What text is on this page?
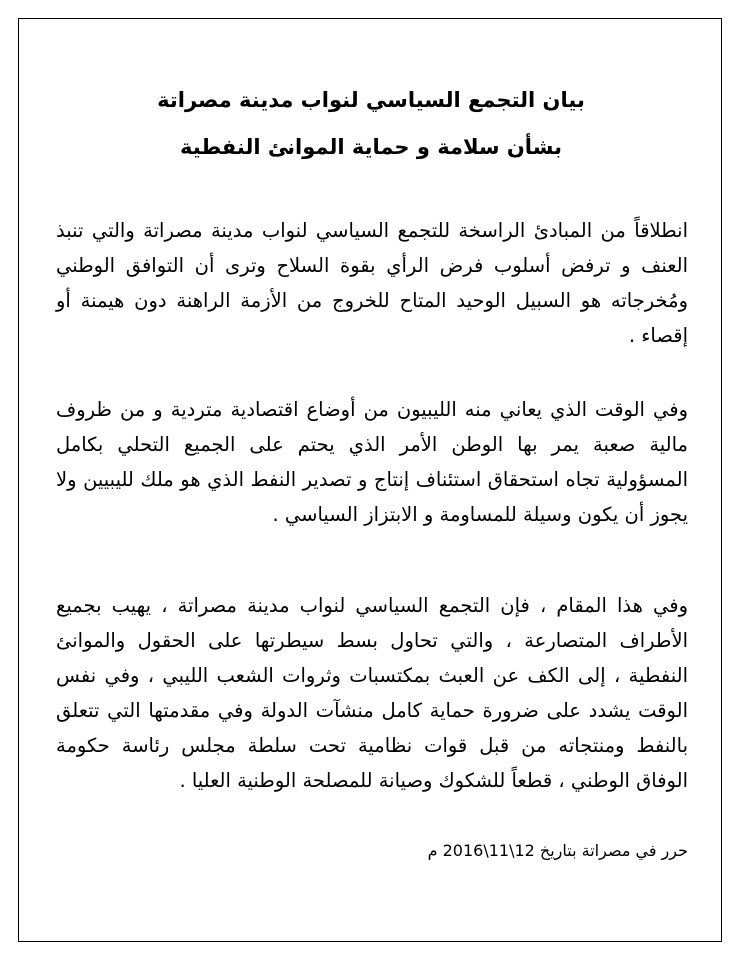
بيان التجمع السياسي لنواب مدينة مصراتة
بشأن سلامة و حماية الموانئ النفطية

انطلاقاً من المبادئ الراسخة للتجمع السياسي لنواب مدينة مصراتة والتي تنبذ العنف و ترفض أسلوب فرض الرأي بقوة السلاح وترى أن التوافق الوطني ومُخرجاته هو السبيل الوحيد المتاح للخروج من الأزمة الراهنة دون هيمنة أو إقصاء .

وفي الوقت الذي يعاني منه الليبيون من أوضاع اقتصادية متردية و من ظروف مالية صعبة يمر بها الوطن الأمر الذي يحتم على الجميع التحلي بكامل المسؤولية تجاه استحقاق استئناف إنتاج و تصدير النفط الذي هو ملك لليبيين ولا يجوز أن يكون وسيلة للمساومة و الابتزاز السياسي .

وفي هذا المقام ، فإن التجمع السياسي لنواب مدينة مصراتة ، يهيب بجميع الأطراف المتصارعة ، والتي تحاول بسط سيطرتها على الحقول والموانئ النفطية ، إلى الكف عن العبث بمكتسبات وثروات الشعب الليبي ، وفي نفس الوقت يشدد على ضرورة حماية كامل منشآت الدولة وفي مقدمتها التي تتعلق بالنفط ومنتجاته من قبل قوات نظامية تحت سلطة مجلس رئاسة حكومة الوفاق الوطني ، قطعاً للشكوك وصيانة للمصلحة الوطنية العليا .

حرر في مصراتة بتاريخ 12\11\2016 م
